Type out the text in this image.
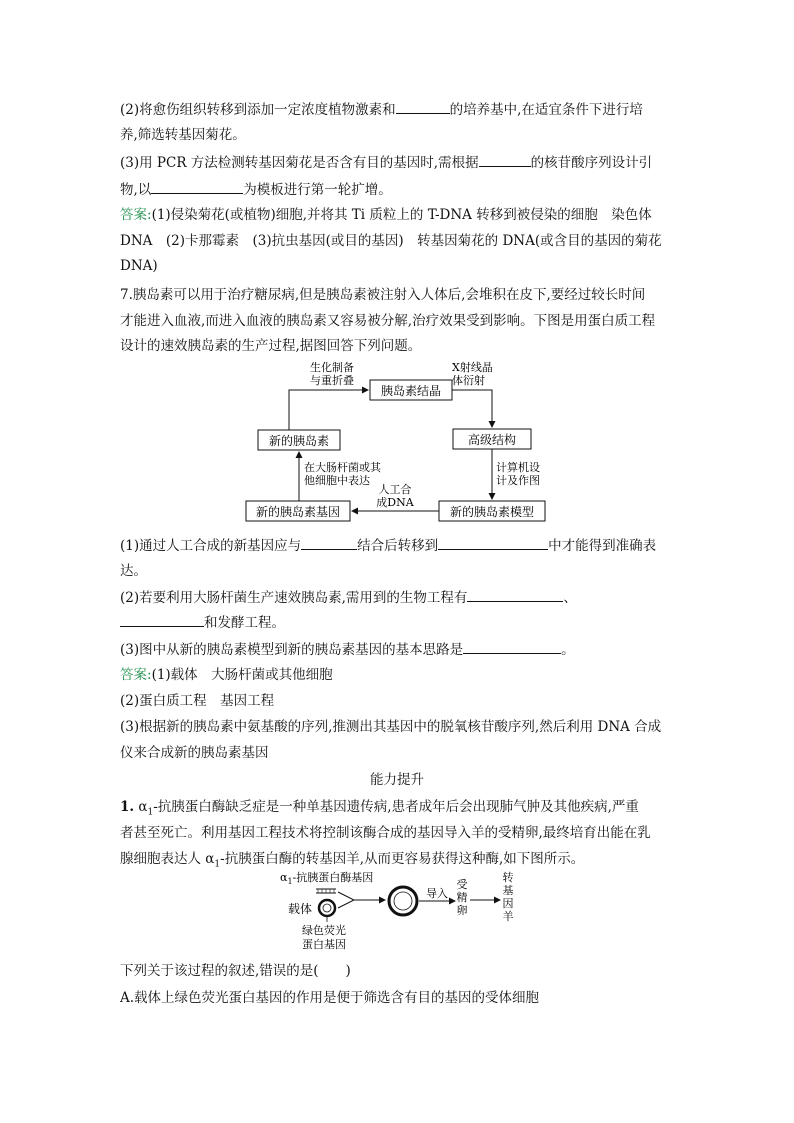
(2)将愈伤组织转移到添加一定浓度植物激素和	的培养基中,在适宜条件下进行培
养,筛选转基因菊花。
(3)用 PCR 方法检测转基因菊花是否含有目的基因时,需根据	的核苷酸序列设计引
物,以	为模板进行第一轮扩增。
答案:(1)侵染菊花(或植物)细胞,并将其 Ti 质粒上的 T-DNA 转移到被侵染的细胞　染色体
DNA　(2)卡那霉素　(3)抗虫基因(或目的基因)　转基因菊花的 DNA(或含目的基因的菊花
DNA)
7.胰岛素可以用于治疗糖尿病,但是胰岛素被注射入人体后,会堆积在皮下,要经过较长时间
才能进入血液,而进入血液的胰岛素又容易被分解,治疗效果受到影响。下图是用蛋白质工程
设计的速效胰岛素的生产过程,据图回答下列问题。
胰岛素结晶
高级结构
新的胰岛素模型
新的胰岛素基因
新的胰岛素
生化制备
与重折叠
X射线晶
体衍射
计算机设
计及作图
人工合
成DNA
在大肠杆菌或其
他细胞中表达
(1)通过人工合成的新基因应与	结合后转移到	中才能得到准确表
达。
(2)若要利用大肠杆菌生产速效胰岛素,需用到的生物工程有	、
和发酵工程。
(3)图中从新的胰岛素模型到新的胰岛素基因的基本思路是	。
答案:(1)载体　大肠杆菌或其他细胞
(2)蛋白质工程　基因工程
(3)根据新的胰岛素中氨基酸的序列,推测出其基因中的脱氧核苷酸序列,然后利用 DNA 合成
仪来合成新的胰岛素基因
能力提升
1. $\alpha_1-$抗胰蛋白酶缺乏症是一种单基因遗传病,患者成年后会出现肺气肿及其他疾病,严重
者甚至死亡。利用基因工程技术将控制该酶合成的基因导入羊的受精卵,最终培育出能在乳
腺细胞表达人 $\alpha_1-$抗胰蛋白酶的转基因羊,从而更容易获得这种酶,如下图所示。
$\alpha_1-$抗胰蛋白酶基因
载体
绿色荧光
蛋白基因
导入
受
精
卵
转
基
因
羊
下列关于该过程的叙述,错误的是(　　)
A.载体上绿色荧光蛋白基因的作用是便于筛选含有目的基因的受体细胞
